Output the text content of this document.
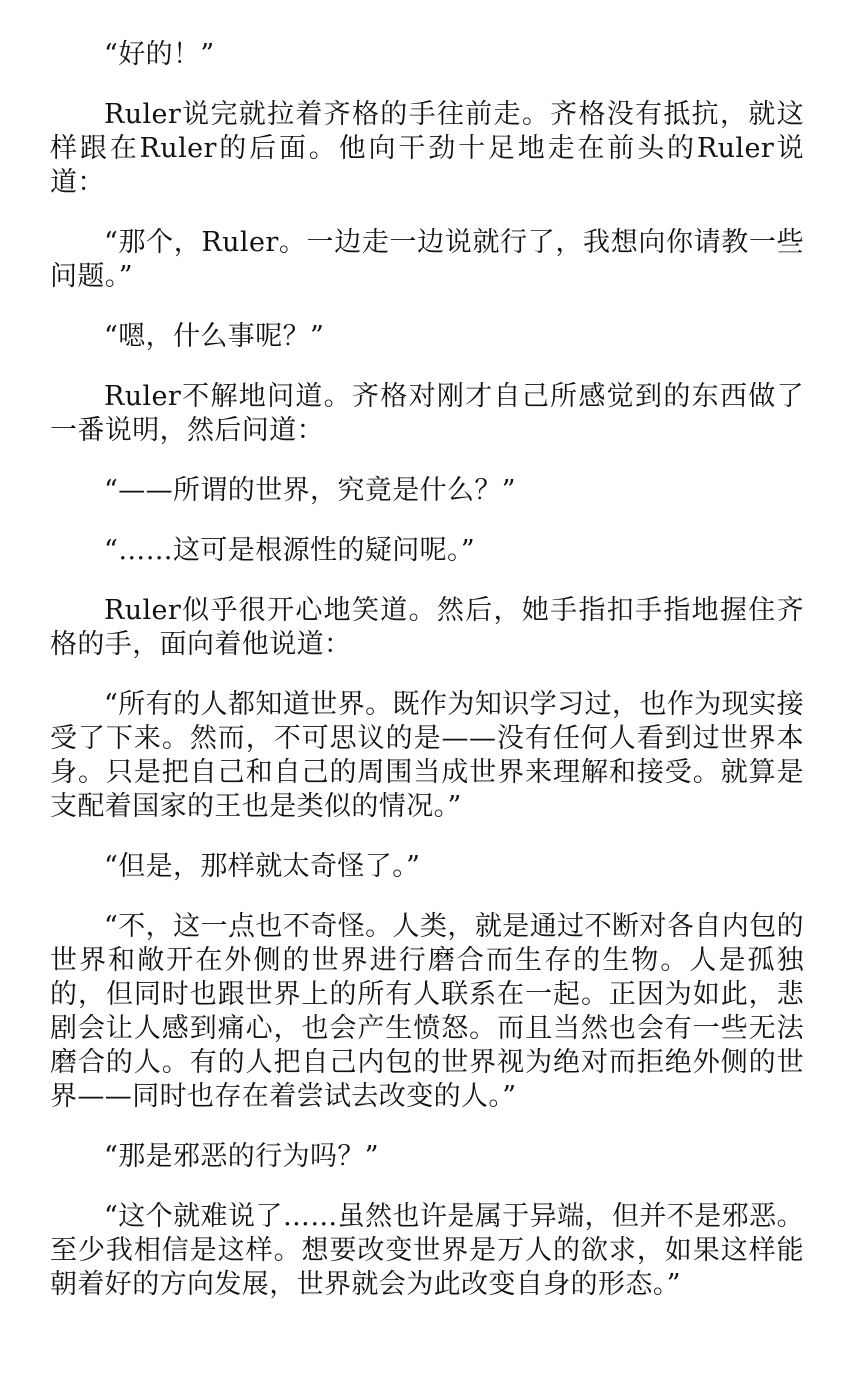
“好的！”

Ruler说完就拉着齐格的手往前走。齐格没有抵抗，就这样跟在Ruler的后面。他向干劲十足地走在前头的Ruler说道：

“那个，Ruler。一边走一边说就行了，我想向你请教一些问题。”

“嗯，什么事呢？”

Ruler不解地问道。齐格对刚才自己所感觉到的东西做了一番说明，然后问道：

“——所谓的世界，究竟是什么？”

“……这可是根源性的疑问呢。”

Ruler似乎很开心地笑道。然后，她手指扣手指地握住齐格的手，面向着他说道：

“所有的人都知道世界。既作为知识学习过，也作为现实接受了下来。然而，不可思议的是——没有任何人看到过世界本身。只是把自己和自己的周围当成世界来理解和接受。就算是支配着国家的王也是类似的情况。”

“但是，那样就太奇怪了。”

“不，这一点也不奇怪。人类，就是通过不断对各自内包的世界和敞开在外侧的世界进行磨合而生存的生物。人是孤独的，但同时也跟世界上的所有人联系在一起。正因为如此，悲剧会让人感到痛心，也会产生愤怒。而且当然也会有一些无法磨合的人。有的人把自己内包的世界视为绝对而拒绝外侧的世界——同时也存在着尝试去改变的人。”

“那是邪恶的行为吗？”

“这个就难说了……虽然也许是属于异端，但并不是邪恶。至少我相信是这样。想要改变世界是万人的欲求，如果这样能朝着好的方向发展，世界就会为此改变自身的形态。”
